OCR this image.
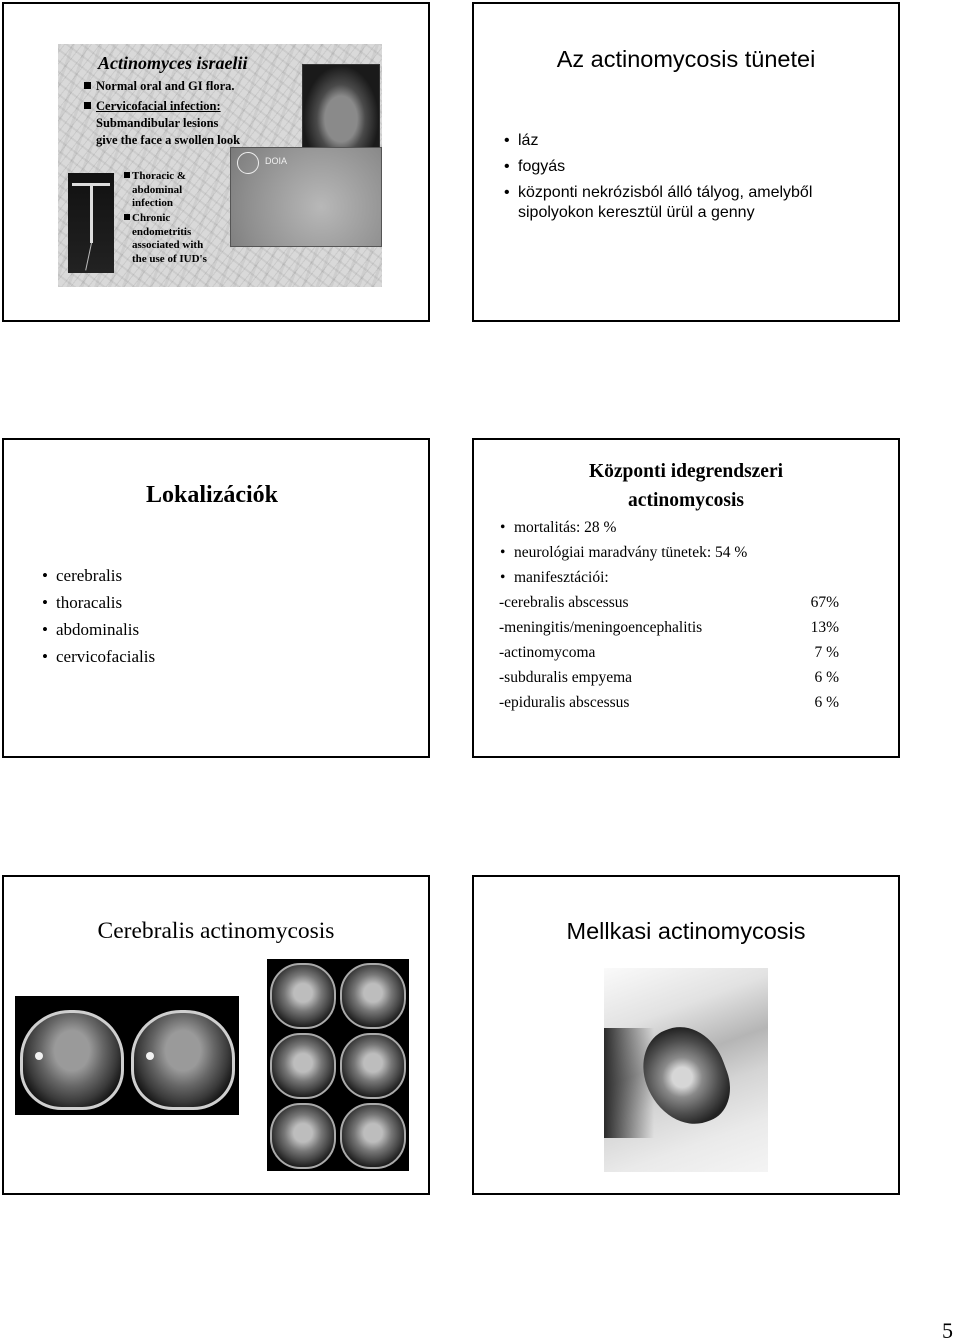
Actinomyces israelii
Normal oral and GI flora.
Cervicofacial infection:
Submandibular lesions
give the face a swollen look
DOIA
Thoracic &
abdominal
infection
Chronic
endometritis
associated with
the use of IUD's
Az actinomycosis tünetei
• láz
• fogyás
• központi nekrózisból álló tályog, amelyből
sipolyokon keresztül ürül a genny
Lokalizációk
• cerebralis
• thoracalis
• abdominalis
• cervicofacialis
Központi idegrendszeri
actinomycosis
• mortalitás: 28 %
• neurológiai maradvány tünetek: 54 %
• manifesztációi:
-cerebralis abscessus	67%
-meningitis/meningoencephalitis	13%
-actinomycoma	7 %
-subduralis empyema	6 %
-epiduralis abscessus	6 %
Cerebralis actinomycosis	Mellkasi actinomycosis
5
